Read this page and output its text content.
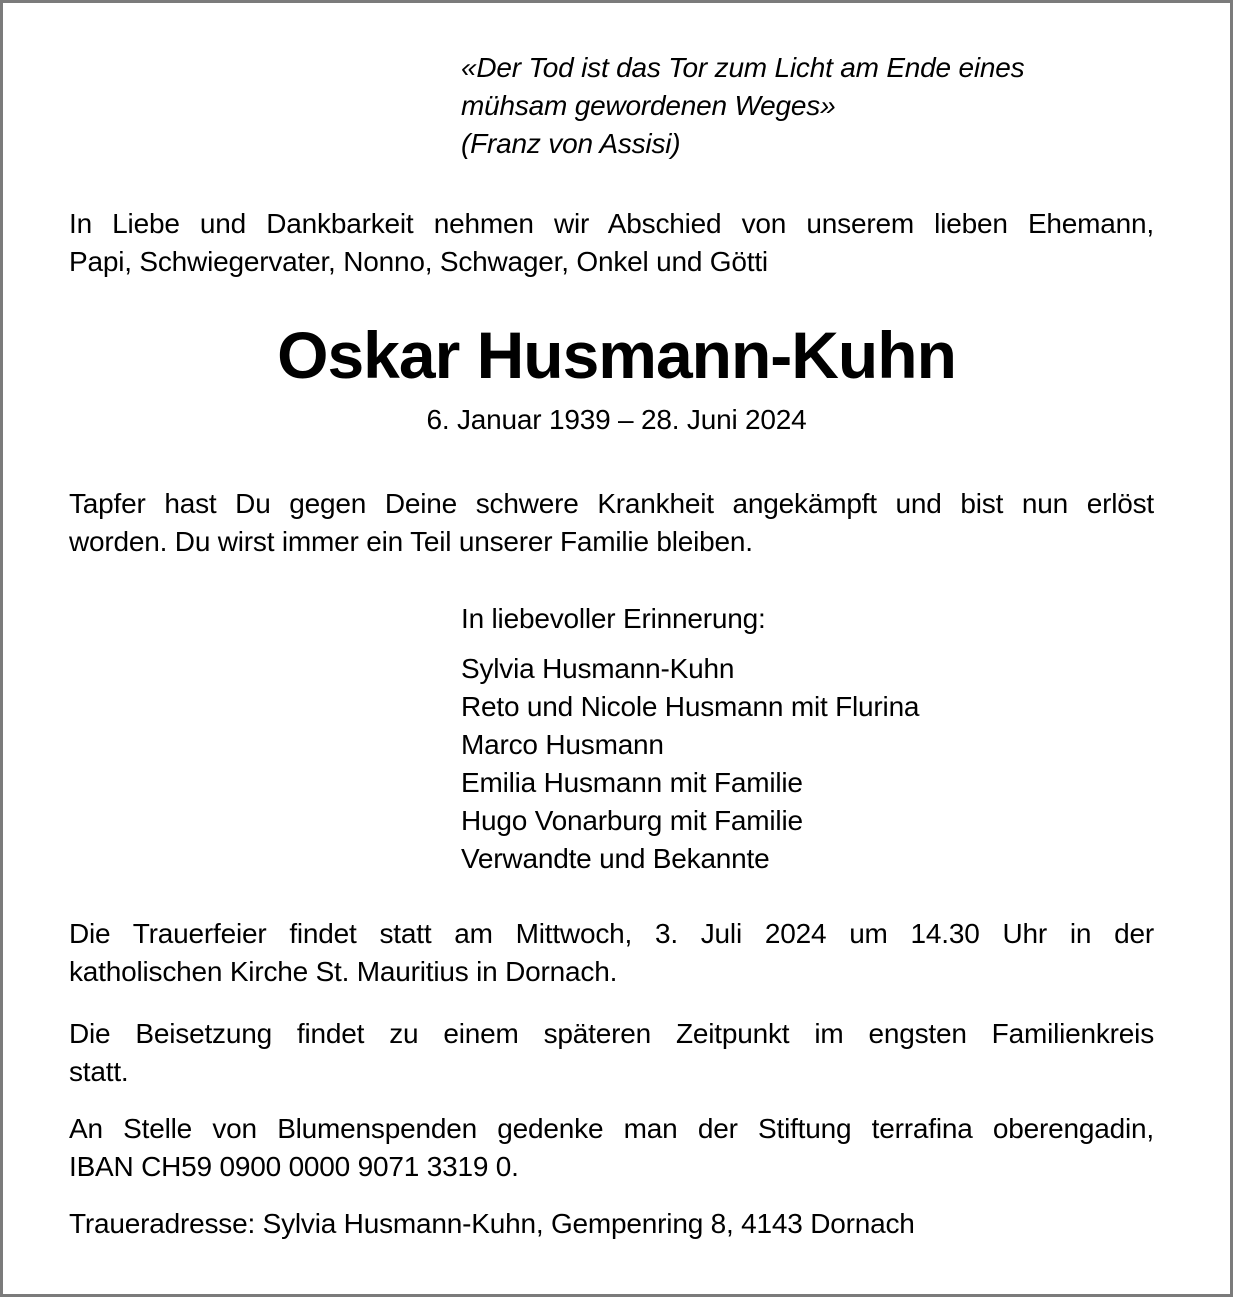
«Der Tod ist das Tor zum Licht am Ende eines
mühsam gewordenen Weges»
(Franz von Assisi)
In Liebe und Dankbarkeit nehmen wir Abschied von unserem lieben Ehemann,
Papi, Schwiegervater, Nonno, Schwager, Onkel und Götti
Oskar Husmann-Kuhn
6. Januar 1939 – 28. Juni 2024
Tapfer hast Du gegen Deine schwere Krankheit angekämpft und bist nun erlöst
worden. Du wirst immer ein Teil unserer Familie bleiben.
In liebevoller Erinnerung:
Sylvia Husmann-Kuhn
Reto und Nicole Husmann mit Flurina
Marco Husmann
Emilia Husmann mit Familie
Hugo Vonarburg mit Familie
Verwandte und Bekannte
Die Trauerfeier findet statt am Mittwoch, 3. Juli 2024 um 14.30 Uhr in der
katholischen Kirche St. Mauritius in Dornach.
Die Beisetzung findet zu einem späteren Zeitpunkt im engsten Familienkreis
statt.
An Stelle von Blumenspenden gedenke man der Stiftung terrafina oberengadin,
IBAN CH59 0900 0000 9071 3319 0.
Traueradresse: Sylvia Husmann-Kuhn, Gempenring 8, 4143 Dornach
